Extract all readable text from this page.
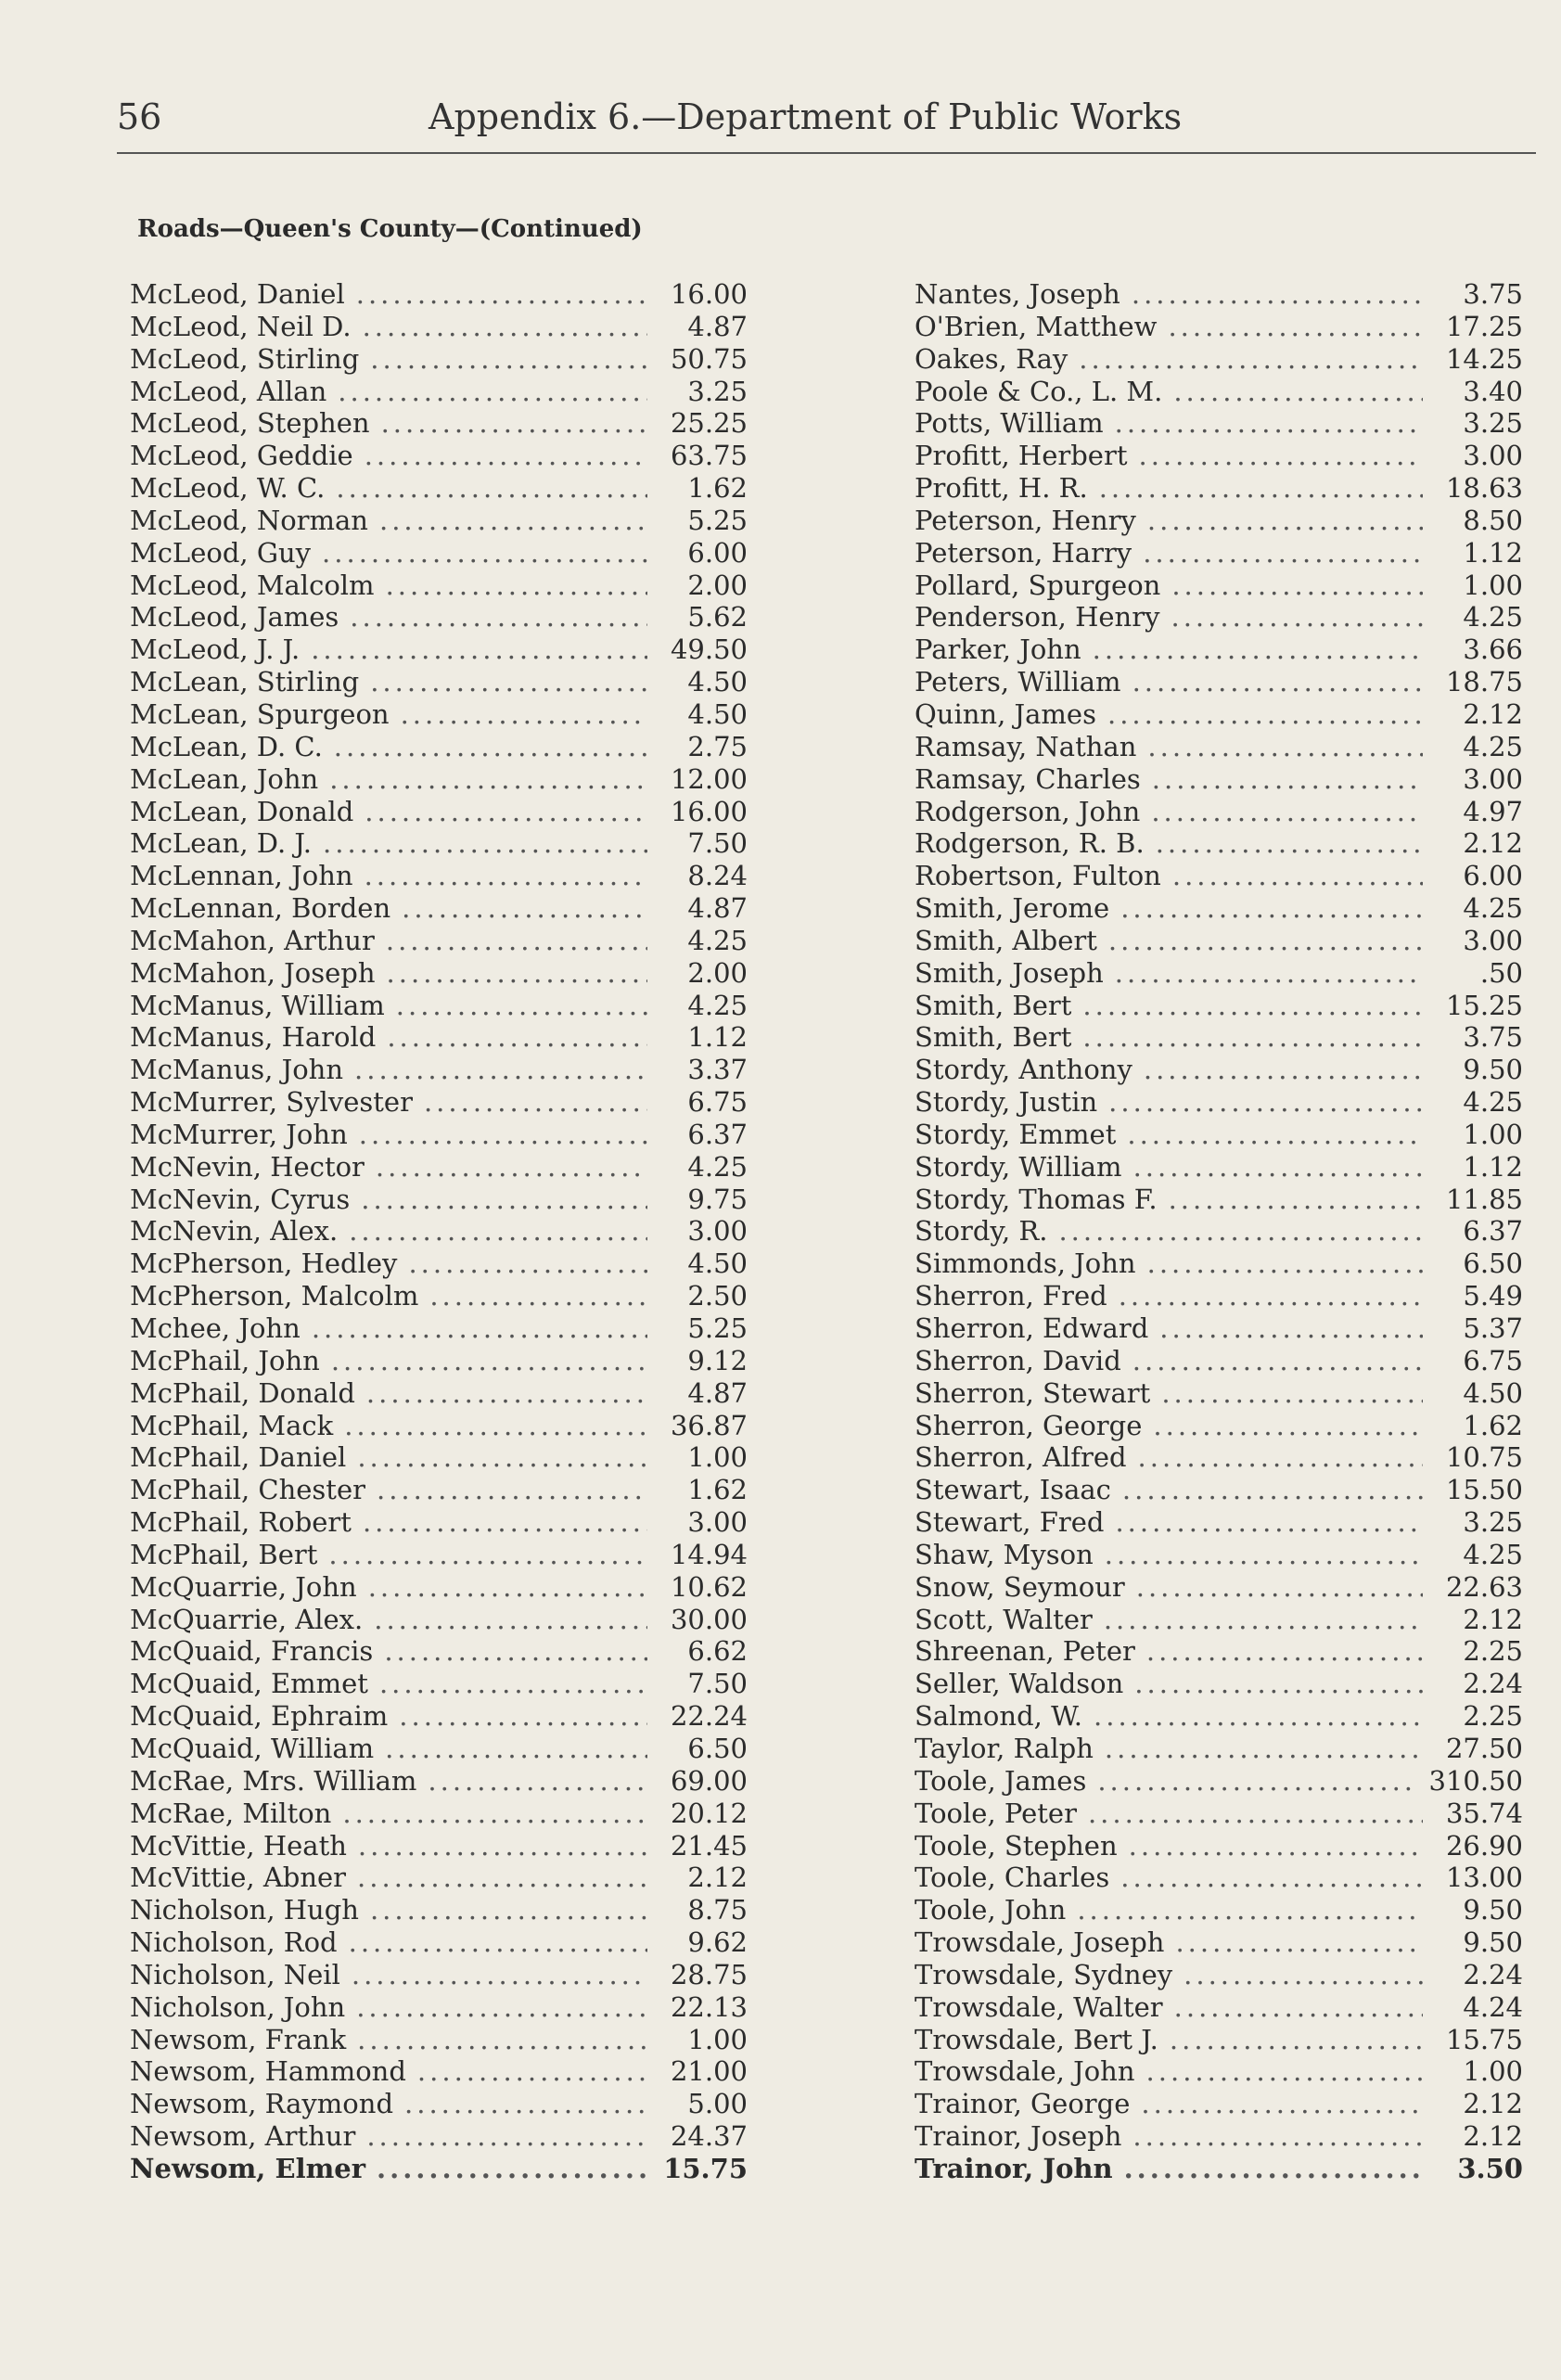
56	Appendix 6.—Department of Public Works
Roads—Queen's County—(Continued)
McLeod, Daniel .....	16.00
McLeod, Neil D. .....	4.87
McLeod, Stirling .....	50.75
McLeod, Allan .....	3.25
McLeod, Stephen .....	25.25
McLeod, Geddie .....	63.75
McLeod, W. C. .....	1.62
McLeod, Norman .....	5.25
McLeod, Guy .....	6.00
McLeod, Malcolm .....	2.00
McLeod, James .....	5.62
McLeod, J. J. .....	49.50
McLean, Stirling .....	4.50
McLean, Spurgeon .....	4.50
McLean, D. C. .....	2.75
McLean, John .....	12.00
McLean, Donald .....	16.00
McLean, D. J. .....	7.50
McLennan, John .....	8.24
McLennan, Borden .....	4.87
McMahon, Arthur .....	4.25
McMahon, Joseph .....	2.00
McManus, William .....	4.25
McManus, Harold .....	1.12
McManus, John .....	3.37
McMurrer, Sylvester .....	6.75
McMurrer, John .....	6.37
McNevin, Hector .....	4.25
McNevin, Cyrus .....	9.75
McNevin, Alex. .....	3.00
McPherson, Hedley .....	4.50
McPherson, Malcolm .....	2.50
Mchee, John .....	5.25
McPhail, John .....	9.12
McPhail, Donald .....	4.87
McPhail, Mack .....	36.87
McPhail, Daniel .....	1.00
McPhail, Chester .....	1.62
McPhail, Robert .....	3.00
McPhail, Bert .....	14.94
McQuarrie, John .....	10.62
McQuarrie, Alex. .....	30.00
McQuaid, Francis .....	6.62
McQuaid, Emmet .....	7.50
McQuaid, Ephraim .....	22.24
McQuaid, William .....	6.50
McRae, Mrs. William .....	69.00
McRae, Milton .....	20.12
McVittie, Heath .....	21.45
McVittie, Abner .....	2.12
Nicholson, Hugh .....	8.75
Nicholson, Rod .....	9.62
Nicholson, Neil .....	28.75
Nicholson, John .....	22.13
Newsom, Frank .....	1.00
Newsom, Hammond .....	21.00
Newsom, Raymond .....	5.00
Newsom, Arthur .....	24.37
Newsom, Elmer .....	15.75
Nantes, Joseph .....	3.75
O'Brien, Matthew .....	17.25
Oakes, Ray .....	14.25
Poole & Co., L. M. .....	3.40
Potts, William .....	3.25
Profitt, Herbert .....	3.00
Profitt, H. R. .....	18.63
Peterson, Henry .....	8.50
Peterson, Harry .....	1.12
Pollard, Spurgeon .....	1.00
Penderson, Henry .....	4.25
Parker, John .....	3.66
Peters, William .....	18.75
Quinn, James .....	2.12
Ramsay, Nathan .....	4.25
Ramsay, Charles .....	3.00
Rodgerson, John .....	4.97
Rodgerson, R. B. .....	2.12
Robertson, Fulton .....	6.00
Smith, Jerome .....	4.25
Smith, Albert .....	3.00
Smith, Joseph .....	.50
Smith, Bert .....	15.25
Smith, Bert .....	3.75
Stordy, Anthony .....	9.50
Stordy, Justin .....	4.25
Stordy, Emmet .....	1.00
Stordy, William .....	1.12
Stordy, Thomas F. .....	11.85
Stordy, R. .....	6.37
Simmonds, John .....	6.50
Sherron, Fred .....	5.49
Sherron, Edward .....	5.37
Sherron, David .....	6.75
Sherron, Stewart .....	4.50
Sherron, George .....	1.62
Sherron, Alfred .....	10.75
Stewart, Isaac .....	15.50
Stewart, Fred .....	3.25
Shaw, Myson .....	4.25
Snow, Seymour .....	22.63
Scott, Walter .....	2.12
Shreenan, Peter .....	2.25
Seller, Waldson .....	2.24
Salmond, W. .....	2.25
Taylor, Ralph .....	27.50
Toole, James .....	310.50
Toole, Peter .....	35.74
Toole, Stephen .....	26.90
Toole, Charles .....	13.00
Toole, John .....	9.50
Trowsdale, Joseph .....	9.50
Trowsdale, Sydney .....	2.24
Trowsdale, Walter .....	4.24
Trowsdale, Bert J. .....	15.75
Trowsdale, John .....	1.00
Trainor, George .....	2.12
Trainor, Joseph .....	2.12
Trainor, John .....	3.50
